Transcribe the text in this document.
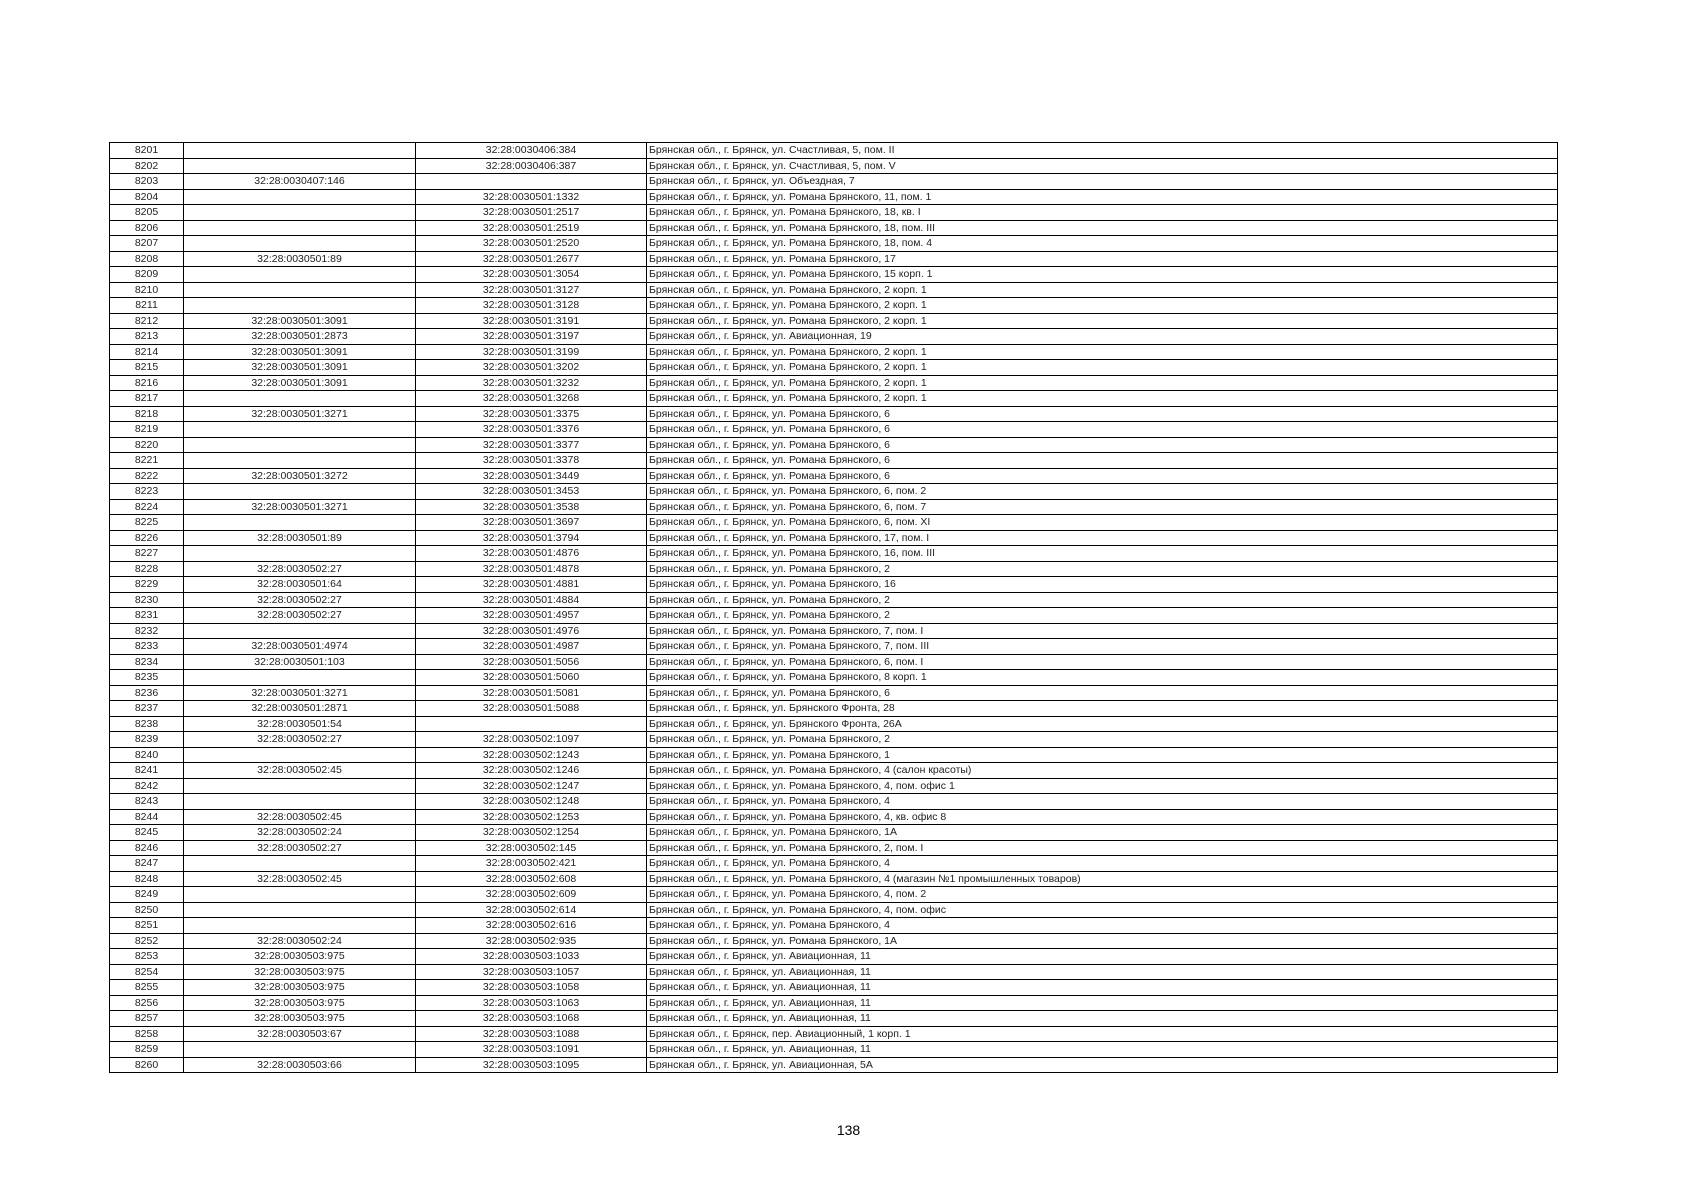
8201		32:28:0030406:384	Брянская обл., г. Брянск, ул. Счастливая, 5, пом. II
8202		32:28:0030406:387	Брянская обл., г. Брянск, ул. Счастливая, 5, пом. V
8203	32:28:0030407:146		Брянская обл., г. Брянск, ул. Объездная, 7
8204		32:28:0030501:1332	Брянская обл., г. Брянск, ул. Романа Брянского, 11, пом. 1
8205		32:28:0030501:2517	Брянская обл., г. Брянск, ул. Романа Брянского, 18, кв. I
8206		32:28:0030501:2519	Брянская обл., г. Брянск, ул. Романа Брянского, 18, пом. III
8207		32:28:0030501:2520	Брянская обл., г. Брянск, ул. Романа Брянского, 18, пом. 4
8208	32:28:0030501:89	32:28:0030501:2677	Брянская обл., г. Брянск, ул. Романа Брянского, 17
8209		32:28:0030501:3054	Брянская обл., г. Брянск, ул. Романа Брянского, 15 корп. 1
8210		32:28:0030501:3127	Брянская обл., г. Брянск, ул. Романа Брянского, 2 корп. 1
8211		32:28:0030501:3128	Брянская обл., г. Брянск, ул. Романа Брянского, 2 корп. 1
8212	32:28:0030501:3091	32:28:0030501:3191	Брянская обл., г. Брянск, ул. Романа Брянского, 2 корп. 1
8213	32:28:0030501:2873	32:28:0030501:3197	Брянская обл., г. Брянск, ул. Авиационная, 19
8214	32:28:0030501:3091	32:28:0030501:3199	Брянская обл., г. Брянск, ул. Романа Брянского, 2 корп. 1
8215	32:28:0030501:3091	32:28:0030501:3202	Брянская обл., г. Брянск, ул. Романа Брянского, 2 корп. 1
8216	32:28:0030501:3091	32:28:0030501:3232	Брянская обл., г. Брянск, ул. Романа Брянского, 2 корп. 1
8217		32:28:0030501:3268	Брянская обл., г. Брянск, ул. Романа Брянского, 2 корп. 1
8218	32:28:0030501:3271	32:28:0030501:3375	Брянская обл., г. Брянск, ул. Романа Брянского, 6
8219		32:28:0030501:3376	Брянская обл., г. Брянск, ул. Романа Брянского, 6
8220		32:28:0030501:3377	Брянская обл., г. Брянск, ул. Романа Брянского, 6
8221		32:28:0030501:3378	Брянская обл., г. Брянск, ул. Романа Брянского, 6
8222	32:28:0030501:3272	32:28:0030501:3449	Брянская обл., г. Брянск, ул. Романа Брянского, 6
8223		32:28:0030501:3453	Брянская обл., г. Брянск, ул. Романа Брянского, 6, пом. 2
8224	32:28:0030501:3271	32:28:0030501:3538	Брянская обл., г. Брянск, ул. Романа Брянского, 6, пом. 7
8225		32:28:0030501:3697	Брянская обл., г. Брянск, ул. Романа Брянского, 6, пом. XI
8226	32:28:0030501:89	32:28:0030501:3794	Брянская обл., г. Брянск, ул. Романа Брянского, 17, пом. I
8227		32:28:0030501:4876	Брянская обл., г. Брянск, ул. Романа Брянского, 16, пом. III
8228	32:28:0030502:27	32:28:0030501:4878	Брянская обл., г. Брянск, ул. Романа Брянского, 2
8229	32:28:0030501:64	32:28:0030501:4881	Брянская обл., г. Брянск, ул. Романа Брянского, 16
8230	32:28:0030502:27	32:28:0030501:4884	Брянская обл., г. Брянск, ул. Романа Брянского, 2
8231	32:28:0030502:27	32:28:0030501:4957	Брянская обл., г. Брянск, ул. Романа Брянского, 2
8232		32:28:0030501:4976	Брянская обл., г. Брянск, ул. Романа Брянского, 7, пом. I
8233	32:28:0030501:4974	32:28:0030501:4987	Брянская обл., г. Брянск, ул. Романа Брянского, 7, пом. III
8234	32:28:0030501:103	32:28:0030501:5056	Брянская обл., г. Брянск, ул. Романа Брянского, 6, пом. I
8235		32:28:0030501:5060	Брянская обл., г. Брянск, ул. Романа Брянского, 8 корп. 1
8236	32:28:0030501:3271	32:28:0030501:5081	Брянская обл., г. Брянск, ул. Романа Брянского, 6
8237	32:28:0030501:2871	32:28:0030501:5088	Брянская обл., г. Брянск, ул. Брянского Фронта, 28
8238	32:28:0030501:54		Брянская обл., г. Брянск, ул. Брянского Фронта, 26А
8239	32:28:0030502:27	32:28:0030502:1097	Брянская обл., г. Брянск, ул. Романа Брянского, 2
8240		32:28:0030502:1243	Брянская обл., г. Брянск, ул. Романа Брянского, 1
8241	32:28:0030502:45	32:28:0030502:1246	Брянская обл., г. Брянск, ул. Романа Брянского, 4 (салон красоты)
8242		32:28:0030502:1247	Брянская обл., г. Брянск, ул. Романа Брянского, 4, пом. офис 1
8243		32:28:0030502:1248	Брянская обл., г. Брянск, ул. Романа Брянского, 4
8244	32:28:0030502:45	32:28:0030502:1253	Брянская обл., г. Брянск, ул. Романа Брянского, 4, кв. офис 8
8245	32:28:0030502:24	32:28:0030502:1254	Брянская обл., г. Брянск, ул. Романа Брянского, 1А
8246	32:28:0030502:27	32:28:0030502:145	Брянская обл., г. Брянск, ул. Романа Брянского, 2, пом. I
8247		32:28:0030502:421	Брянская обл., г. Брянск, ул. Романа Брянского, 4
8248	32:28:0030502:45	32:28:0030502:608	Брянская обл., г. Брянск, ул. Романа Брянского, 4 (магазин №1 промышленных товаров)
8249		32:28:0030502:609	Брянская обл., г. Брянск, ул. Романа Брянского, 4, пом. 2
8250		32:28:0030502:614	Брянская обл., г. Брянск, ул. Романа Брянского, 4, пом. офис
8251		32:28:0030502:616	Брянская обл., г. Брянск, ул. Романа Брянского, 4
8252	32:28:0030502:24	32:28:0030502:935	Брянская обл., г. Брянск, ул. Романа Брянского, 1А
8253	32:28:0030503:975	32:28:0030503:1033	Брянская обл., г. Брянск, ул. Авиационная, 11
8254	32:28:0030503:975	32:28:0030503:1057	Брянская обл., г. Брянск, ул. Авиационная, 11
8255	32:28:0030503:975	32:28:0030503:1058	Брянская обл., г. Брянск, ул. Авиационная, 11
8256	32:28:0030503:975	32:28:0030503:1063	Брянская обл., г. Брянск, ул. Авиационная, 11
8257	32:28:0030503:975	32:28:0030503:1068	Брянская обл., г. Брянск, ул. Авиационная, 11
8258	32:28:0030503:67	32:28:0030503:1088	Брянская обл., г. Брянск, пер. Авиационный, 1 корп. 1
8259		32:28:0030503:1091	Брянская обл., г. Брянск, ул. Авиационная, 11
8260	32:28:0030503:66	32:28:0030503:1095	Брянская обл., г. Брянск, ул. Авиационная, 5А
138
